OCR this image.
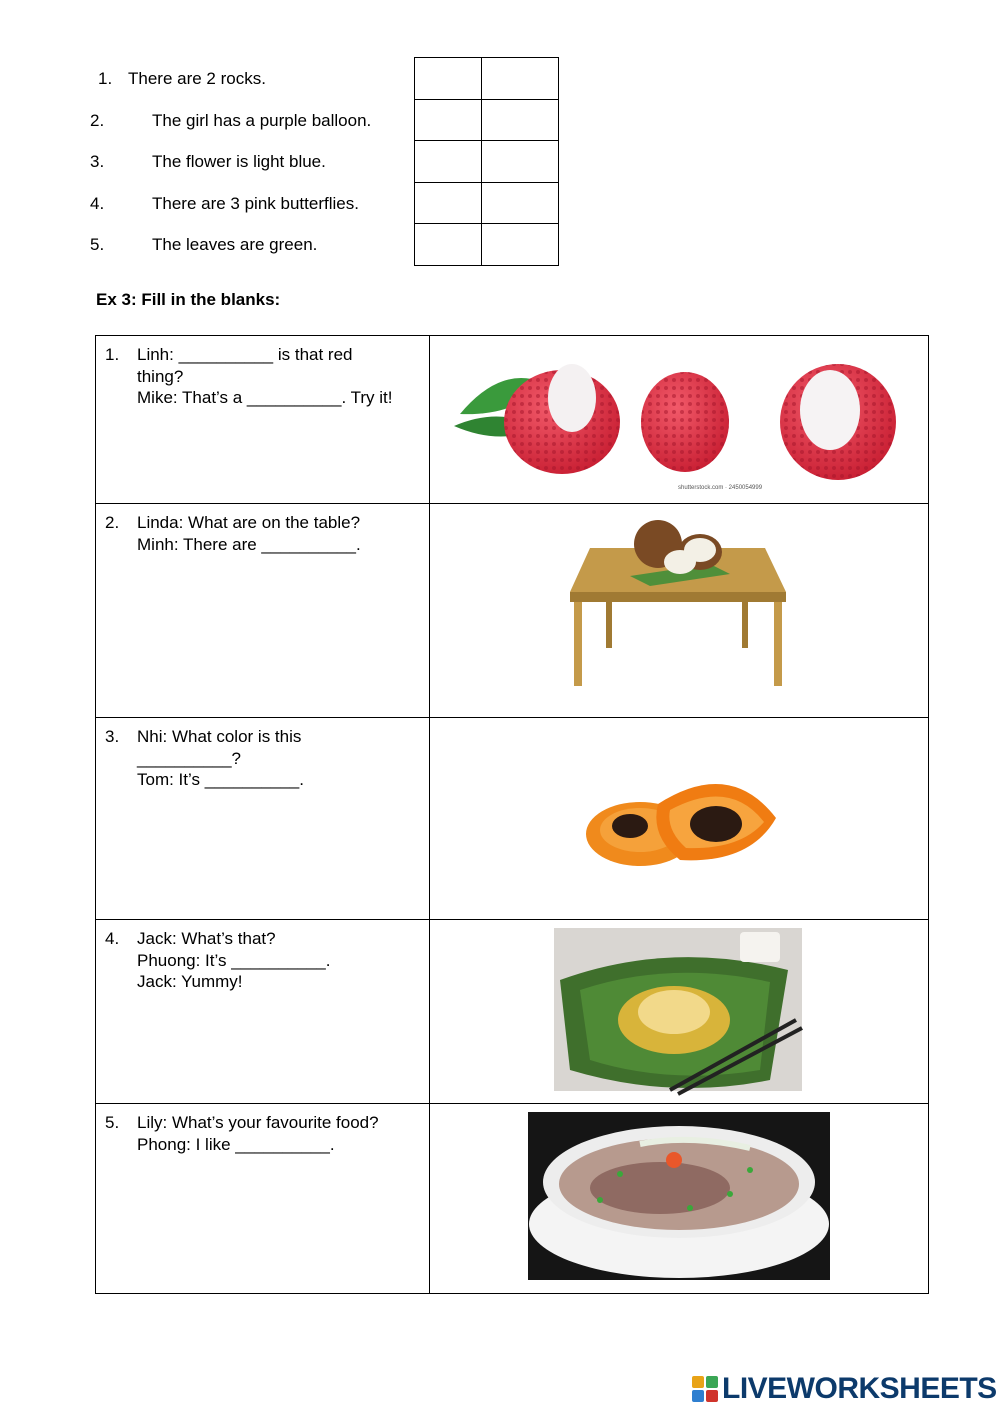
1. There are 2 rocks.
2.	The girl has a purple balloon.
3.	The flower is light blue.
4.	There are 3 pink butterflies.
5.	The leaves are green.

Ex 3: Fill in the blanks:
1. Linh: __________ is that red
thing?
Mike: That’s a __________. Try it!	shutterstock.com · 2450054999

2. Linda: What are on the table?
Minh: There are __________.

3. Nhi: What color is this
__________?
Tom: It’s __________.

4. Jack: What’s that?
Phuong: It’s __________.
Jack: Yummy!

5. Lily: What’s your favourite food?
Phong: I like __________.

LIVEWORKSHEETS
